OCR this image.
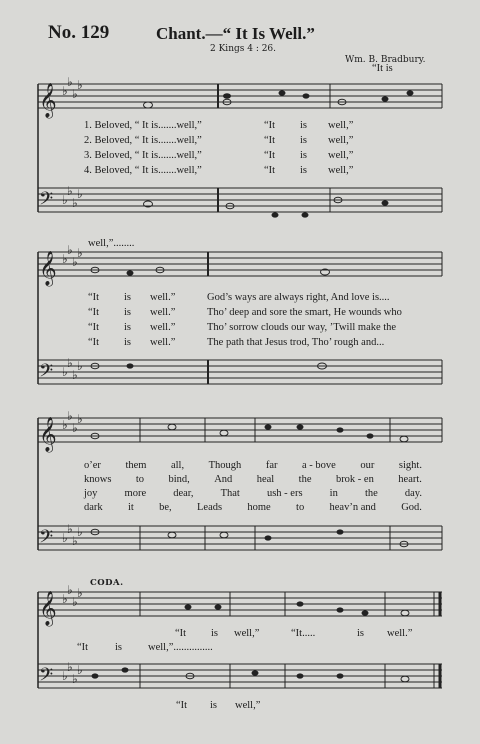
No. 129	Chant.—“ It Is Well.”
2 Kings 4 : 26.
Wm. B. Bradbury.
𝄞
𝄢
𝄞
𝄢
𝄞
𝄢
𝄞
𝄢
♭
♭
♭
♭
♭
♭
♭
♭
♭
♭
♭
♭
♭
♭
♭
♭
♭
♭
♭
♭
♭
♭
♭
♭
♭
♭
♭
♭
♭
♭
♭
♭
“It is
1. Beloved, “ It is.......well,”	“It is well,”
2. Beloved, “ It is.......well,”	“It is well,”
3. Beloved, “ It is.......well,”	“It is well,”
4. Beloved, “ It is.......well,”	“It is well,”
well,”........
“It is well.”	God’s ways are always right, And love is....
“It is well.”	Tho’ deep and sore the smart, He wounds who
“It is well.”	Tho’ sorrow clouds our way, ’Twill make the
“It is well.”	The path that Jesus trod, Tho’ rough and...
o’er them all, Though far a - bove our sight.
knows to bind, And heal the brok - en heart.
joy	more	dear,	That	ush - ers	in	the	day.
dark it be, Leads home to heav’n and God.
CODA.
“It is well,”	“It.....	is well.”
“It	is well,”...............
“It is well,”
